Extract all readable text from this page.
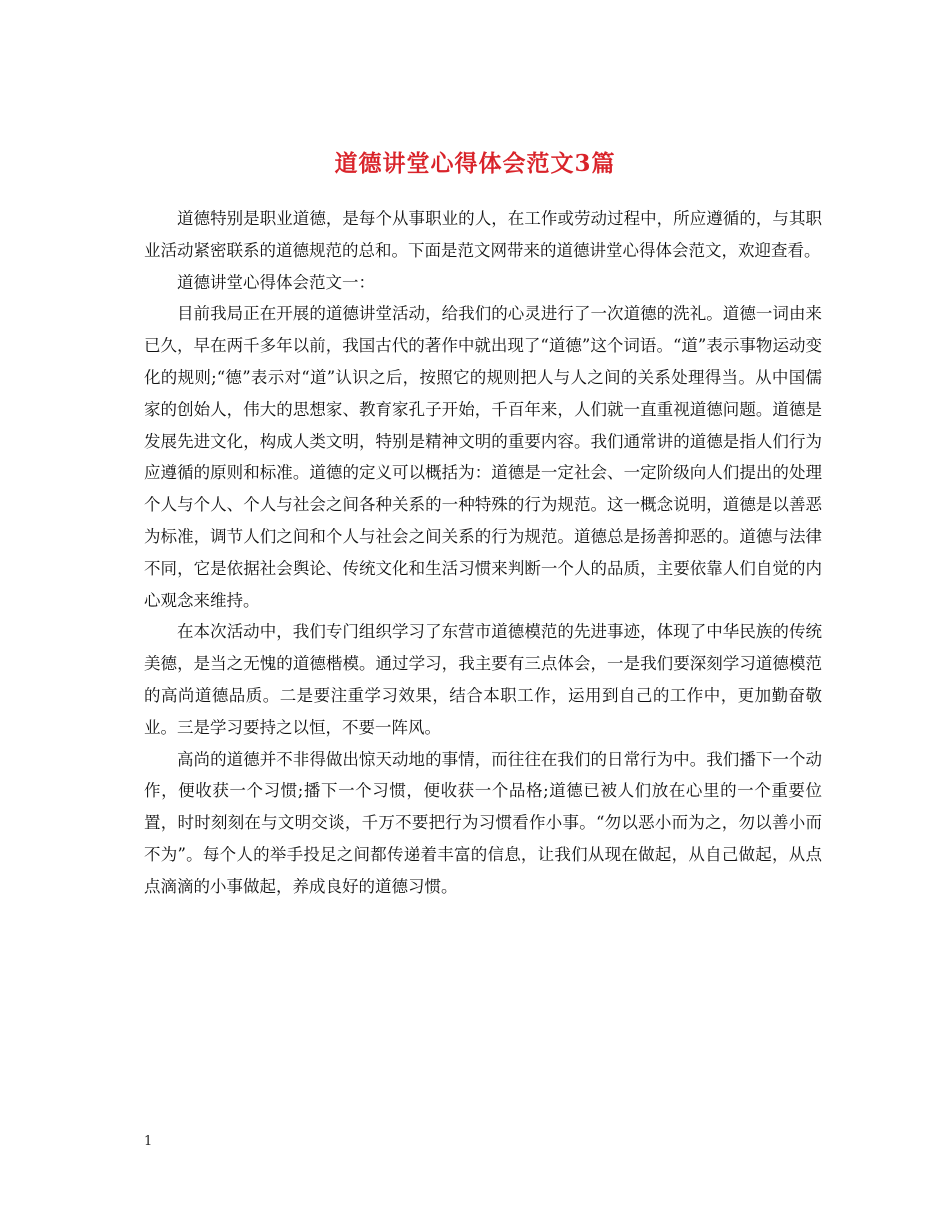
道德讲堂心得体会范文3篇

道德特别是职业道德，是每个从事职业的人，在工作或劳动过程中，所应遵循的，与其职业活动紧密联系的道德规范的总和。下面是范文网带来的道德讲堂心得体会范文，欢迎查看。

道德讲堂心得体会范文一：

目前我局正在开展的道德讲堂活动，给我们的心灵进行了一次道德的洗礼。道德一词由来已久，早在两千多年以前，我国古代的著作中就出现了“道德”这个词语。“道”表示事物运动变化的规则;“德”表示对“道”认识之后，按照它的规则把人与人之间的关系处理得当。从中国儒家的创始人，伟大的思想家、教育家孔子开始，千百年来，人们就一直重视道德问题。道德是发展先进文化，构成人类文明，特别是精神文明的重要内容。我们通常讲的道德是指人们行为应遵循的原则和标准。道德的定义可以概括为：道德是一定社会、一定阶级向人们提出的处理个人与个人、个人与社会之间各种关系的一种特殊的行为规范。这一概念说明，道德是以善恶为标准，调节人们之间和个人与社会之间关系的行为规范。道德总是扬善抑恶的。道德与法律不同，它是依据社会舆论、传统文化和生活习惯来判断一个人的品质，主要依靠人们自觉的内心观念来维持。

在本次活动中，我们专门组织学习了东营市道德模范的先进事迹，体现了中华民族的传统美德，是当之无愧的道德楷模。通过学习，我主要有三点体会，一是我们要深刻学习道德模范的高尚道德品质。二是要注重学习效果，结合本职工作，运用到自己的工作中，更加勤奋敬业。三是学习要持之以恒，不要一阵风。

高尚的道德并不非得做出惊天动地的事情，而往往在我们的日常行为中。我们播下一个动作，便收获一个习惯;播下一个习惯，便收获一个品格;道德已被人们放在心里的一个重要位置，时时刻刻在与文明交谈，千万不要把行为习惯看作小事。“勿以恶小而为之，勿以善小而不为”。每个人的举手投足之间都传递着丰富的信息，让我们从现在做起，从自己做起，从点点滴滴的小事做起，养成良好的道德习惯。

1
